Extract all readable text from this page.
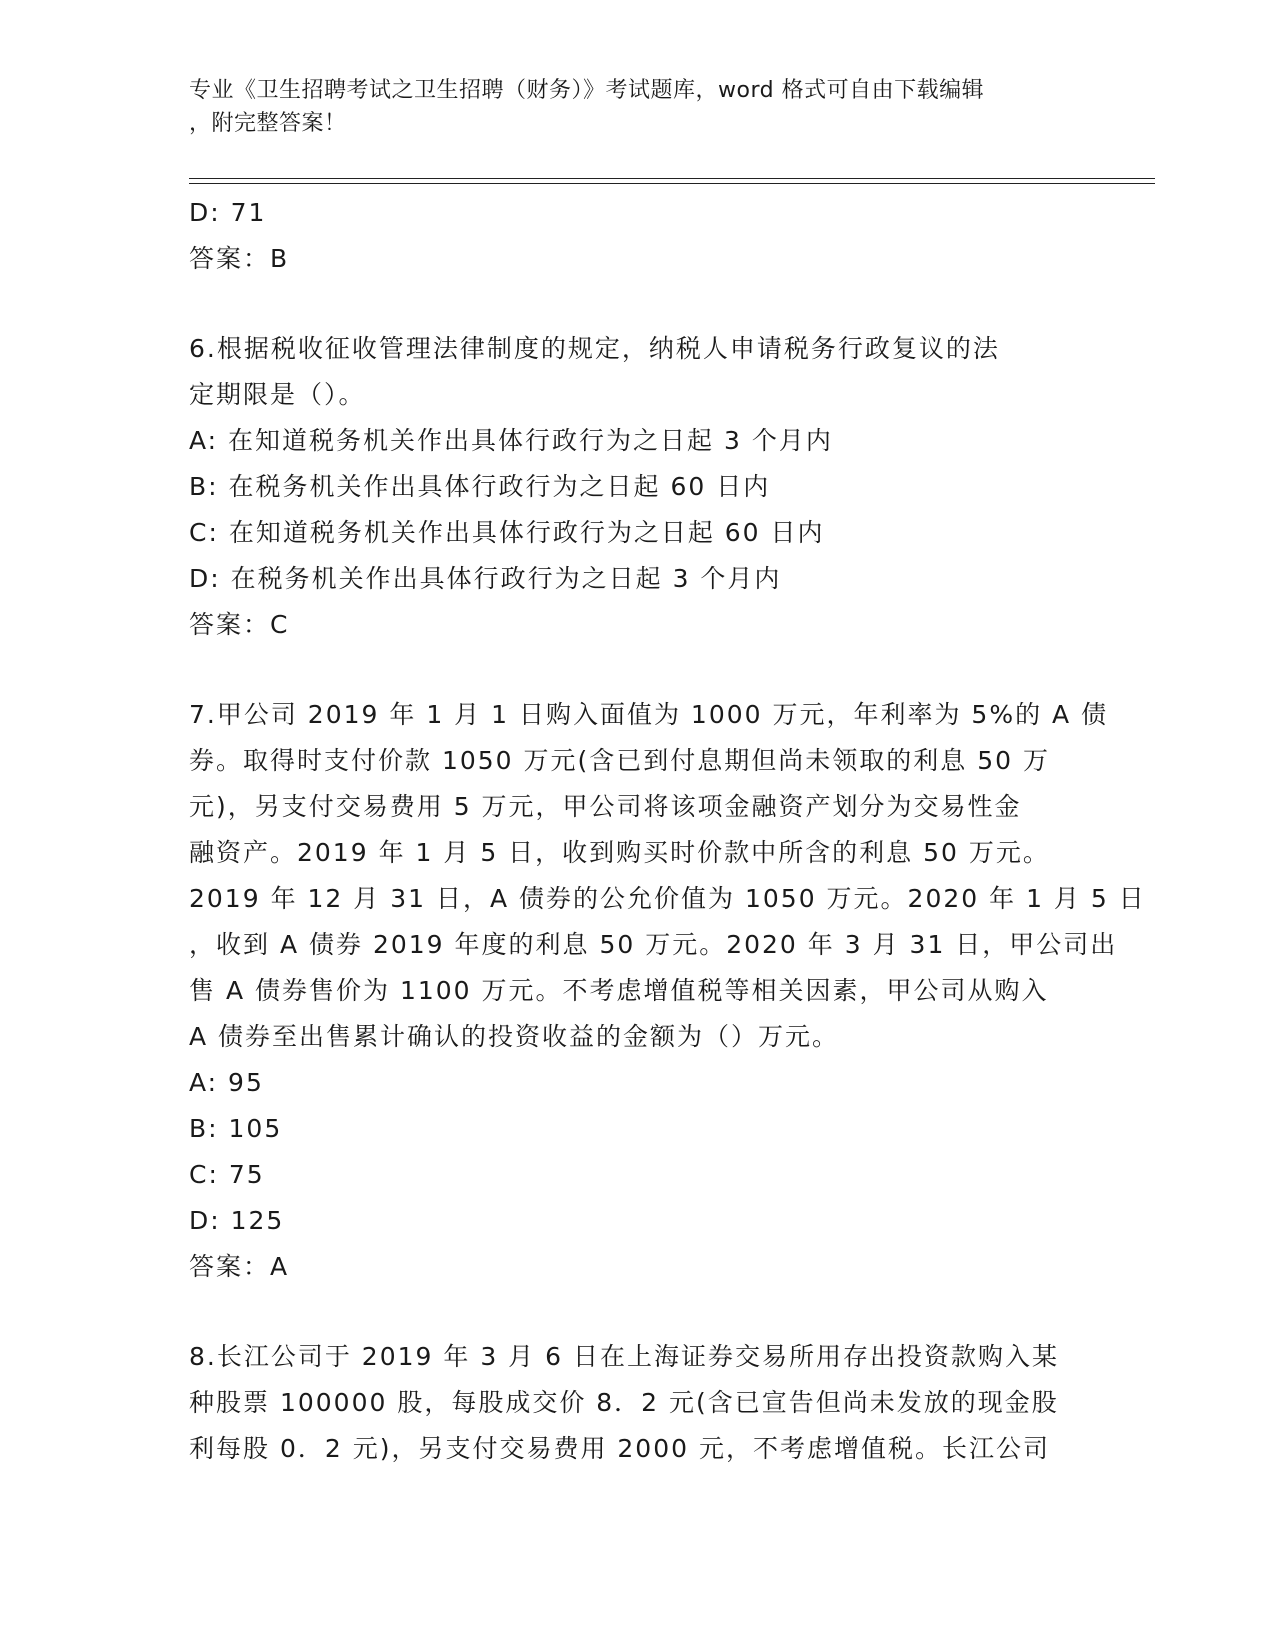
专业《卫生招聘考试之卫生招聘（财务）》考试题库，word 格式可自由下载编辑
，附完整答案！
D: 71
答案：B
6.根据税收征收管理法律制度的规定，纳税人申请税务行政复议的法
定期限是（）。
A: 在知道税务机关作出具体行政行为之日起 3 个月内
B: 在税务机关作出具体行政行为之日起 60 日内
C: 在知道税务机关作出具体行政行为之日起 60 日内
D: 在税务机关作出具体行政行为之日起 3 个月内
答案：C
7.甲公司 2019 年 1 月 1 日购入面值为 1000 万元，年利率为 5%的 A 债
券。取得时支付价款 1050 万元(含已到付息期但尚未领取的利息 50 万
元)，另支付交易费用 5 万元，甲公司将该项金融资产划分为交易性金
融资产。2019 年 1 月 5 日，收到购买时价款中所含的利息 50 万元。
2019 年 12 月 31 日，A 债券的公允价值为 1050 万元。2020 年 1 月 5 日
，收到 A 债券 2019 年度的利息 50 万元。2020 年 3 月 31 日，甲公司出
售 A 债券售价为 1100 万元。不考虑增值税等相关因素，甲公司从购入
A 债券至出售累计确认的投资收益的金额为（）万元。
A: 95
B: 105
C: 75
D: 125
答案：A
8.长江公司于 2019 年 3 月 6 日在上海证券交易所用存出投资款购入某
种股票 100000 股，每股成交价 8．2 元(含已宣告但尚未发放的现金股
利每股 0．2 元)，另支付交易费用 2000 元，不考虑增值税。长江公司
